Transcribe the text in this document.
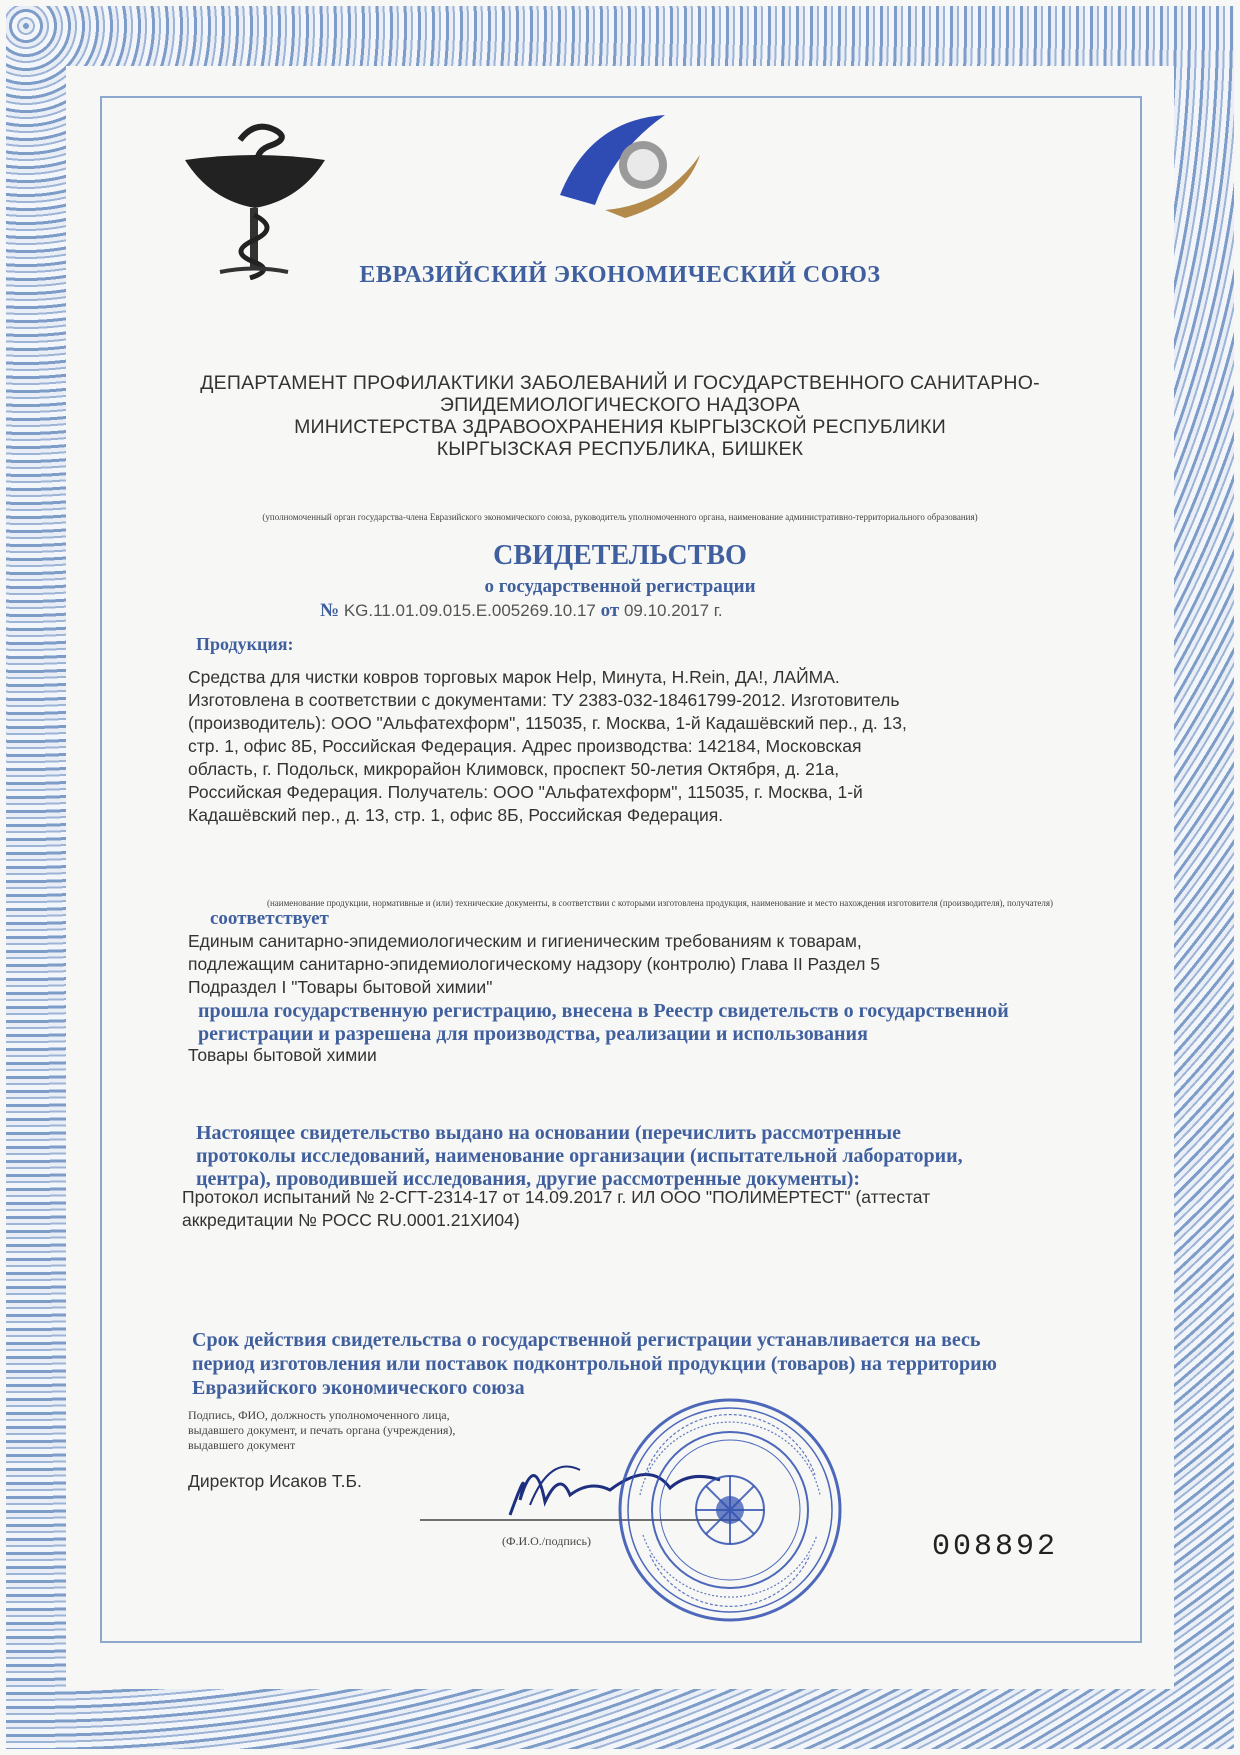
ЕВРАЗИЙСКИЙ ЭКОНОМИЧЕСКИЙ СОЮЗ
ДЕПАРТАМЕНТ ПРОФИЛАКТИКИ ЗАБОЛЕВАНИЙ И ГОСУДАРСТВЕННОГО САНИТАРНО-
ЭПИДЕМИОЛОГИЧЕСКОГО НАДЗОРА
МИНИСТЕРСТВА ЗДРАВООХРАНЕНИЯ КЫРГЫЗСКОЙ РЕСПУБЛИКИ
КЫРГЫЗСКАЯ РЕСПУБЛИКА, БИШКЕК
(уполномоченный орган государства-члена Евразийского экономического союза, руководитель уполномоченного органа, наименование административно-территориального образования)
СВИДЕТЕЛЬСТВО
о государственной регистрации
№ KG.11.01.09.015.E.005269.10.17 от 09.10.2017 г.
Продукция:
Средства для чистки ковров торговых марок Help, Минута, H.Rein, ДА!, ЛАЙМА.
Изготовлена в соответствии с документами: ТУ 2383-032-18461799-2012. Изготовитель
(производитель): ООО "Альфатехформ", 115035, г. Москва, 1-й Кадашёвский пер., д. 13,
стр. 1, офис 8Б, Российская Федерация. Адрес производства: 142184, Московская
область, г. Подольск, микрорайон Климовск, проспект 50-летия Октября, д. 21а,
Российская Федерация. Получатель: ООО "Альфатехформ", 115035, г. Москва, 1-й
Кадашёвский пер., д. 13, стр. 1, офис 8Б, Российская Федерация.
(наименование продукции, нормативные и (или) технические документы, в соответствии с которыми изготовлена продукция, наименование и место нахождения изготовителя (производителя), получателя)
соответствует
Единым санитарно-эпидемиологическим и гигиеническим требованиям к товарам,
подлежащим санитарно-эпидемиологическому надзору (контролю) Глава II Раздел 5
Подраздел I "Товары бытовой химии"
прошла государственную регистрацию, внесена в Реестр свидетельств о государственной
регистрации и разрешена для производства, реализации и использования
Товары бытовой химии
Настоящее свидетельство выдано на основании (перечислить рассмотренные
протоколы исследований, наименование организации (испытательной лаборатории,
центра), проводившей исследования, другие рассмотренные документы):
Протокол испытаний № 2-СГТ-2314-17 от 14.09.2017 г. ИЛ ООО "ПОЛИМЕРТЕСТ" (аттестат
аккредитации № РОСС RU.0001.21ХИ04)
Срок действия свидетельства о государственной регистрации устанавливается на весь
период изготовления или поставок подконтрольной продукции (товаров) на территорию
Евразийского экономического союза
Подпись, ФИО, должность уполномоченного лица,
выдавшего документ, и печать органа (учреждения),
выдавшего документ
Директор Исаков Т.Б.
(Ф.И.О./подпись)	008892
